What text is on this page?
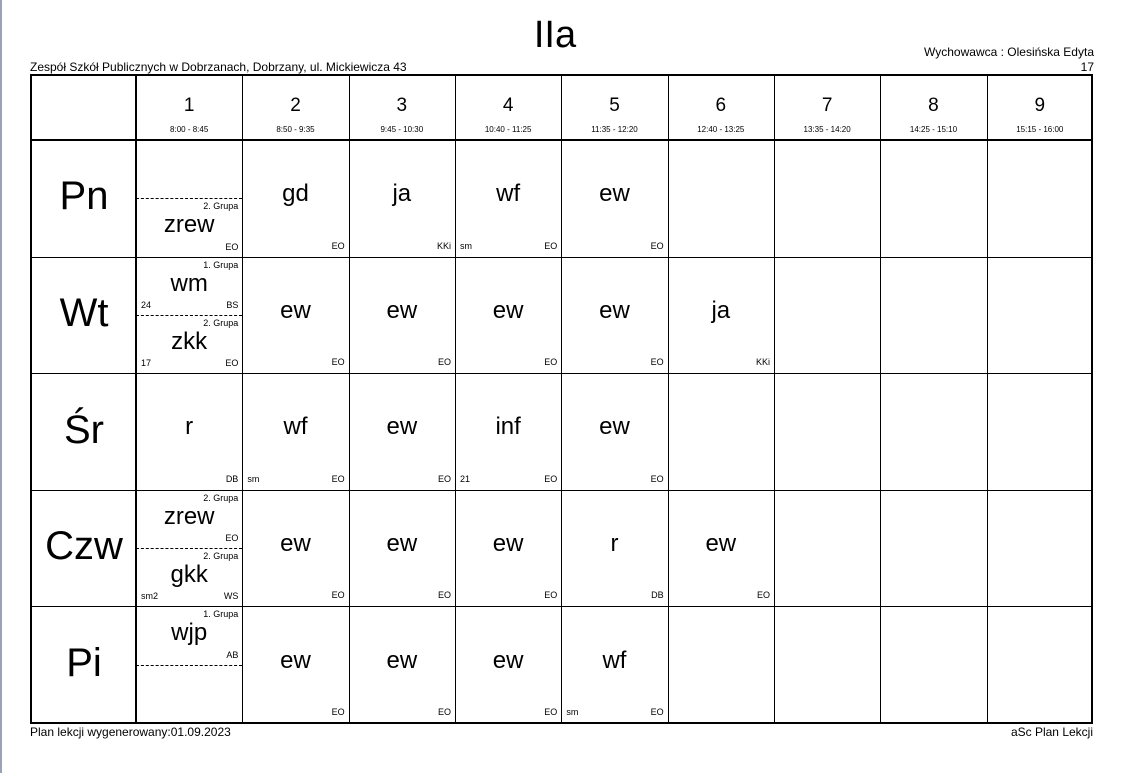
IIa
Zespół Szkół Publicznych w Dobrzanach, Dobrzany, ul. Mickiewicza 43
Wychowawca : Olesińska Edyta
17
1
8:00 - 8:45
2
8:50 - 9:35
3
9:45 - 10:30
4
10:40 - 11:25
5
11:35 - 12:20
6
12:40 - 13:25
7
13:35 - 14:20
8
14:25 - 15:10
9
15:15 - 16:00
Pn
Wt
Śr
Czw
Pi
2. Grupa
zrew
EO
gd
EO
ja
KKi
wf
EO
sm
ew
EO
1. Grupa
wm
BS
24
2. Grupa
zkk
EO
17
ew
EO
ew
EO
ew
EO
ew
EO
ja
KKi
r
DB
wf
EO
sm
ew
EO
inf
EO
21
ew
EO
2. Grupa
zrew
EO
2. Grupa
gkk
WS
sm2
ew
EO
ew
EO
ew
EO
r
DB
ew
EO
1. Grupa
wjp
AB	ew
EO
ew
EO
ew
EO
wf
EO
sm
Plan lekcji wygenerowany:01.09.2023	aSc Plan Lekcji
